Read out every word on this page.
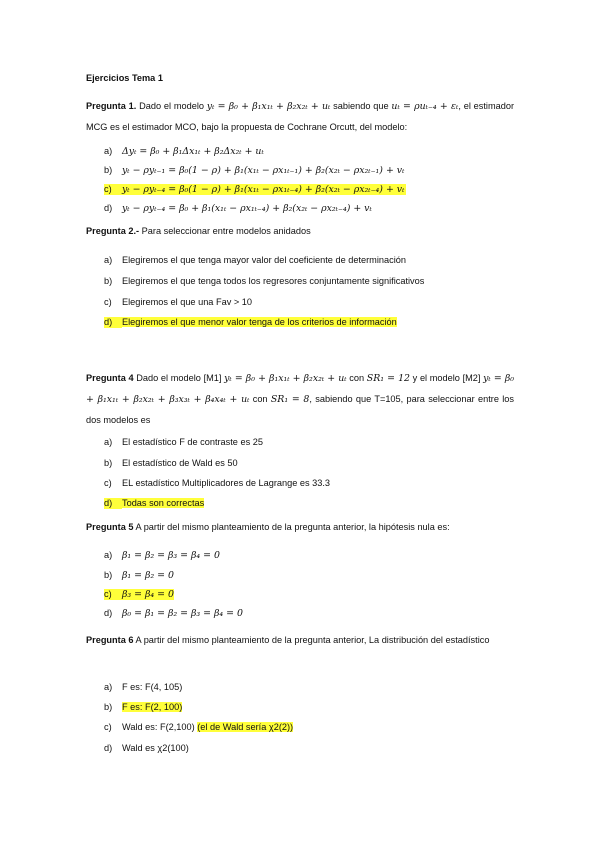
Ejercicios Tema 1
Pregunta 1. Dado el modelo yₜ = β₀ + β₁x₁ₜ + β₂x₂ₜ + uₜ sabiendo que uₜ = ρuₜ₋₄ + εₜ, el estimador MCG es el estimador MCO, bajo la propuesta de Cochrane Orcutt, del modelo:
a) Δyₜ = β₀ + β₁Δx₁ₜ + β₂Δx₂ₜ + uₜ
b) yₜ − ρyₜ₋₁ = β₀(1 − ρ) + β₁(x₁ₜ − ρx₁ₜ₋₁) + β₂(x₂ₜ − ρx₂ₜ₋₁) + vₜ
c) yₜ − ρyₜ₋₄ = β₀(1 − ρ) + β₁(x₁ₜ − ρx₁ₜ₋₄) + β₂(x₂ₜ − ρx₂ₜ₋₄) + vₜ
d) yₜ − ρyₜ₋₄ = β₀ + β₁(x₁ₜ − ρx₁ₜ₋₄) + β₂(x₂ₜ − ρx₂ₜ₋₄) + vₜ
Pregunta 2.- Para seleccionar entre modelos anidados
a) Elegiremos el que tenga mayor valor del coeficiente de determinación
b) Elegiremos el que tenga todos los regresores conjuntamente significativos
c) Elegiremos el que una Fav > 10
d) Elegiremos el que menor valor tenga de los criterios de información
Pregunta 4 Dado el modelo [M1] yₜ = β₀ + β₁x₁ₜ + β₂x₂ₜ + uₜ con SR₁ = 12 y el modelo [M2] yₜ = β₀ + β₁x₁ₜ + β₂x₂ₜ + β₃x₃ₜ + β₄x₄ₜ + uₜ con SR₁ = 8, sabiendo que T=105, para seleccionar entre los dos modelos es
a) El estadístico F de contraste es 25
b) El estadístico de Wald es 50
c) EL estadístico Multiplicadores de Lagrange es 33.3
d) Todas son correctas
Pregunta 5 A partir del mismo planteamiento de la pregunta anterior, la hipótesis nula es:
a) β₁ = β₂ = β₃ = β₄ = 0
b) β₁ = β₂ = 0
c) β₃ = β₄ = 0
d) β₀ = β₁ = β₂ = β₃ = β₄ = 0
Pregunta 6 A partir del mismo planteamiento de la pregunta anterior, La distribución del estadístico
a) F es: F(4, 105)
b) F es: F(2, 100)
c) Wald es: F(2,100) (el de Wald sería χ2(2))
d) Wald es χ2(100)
